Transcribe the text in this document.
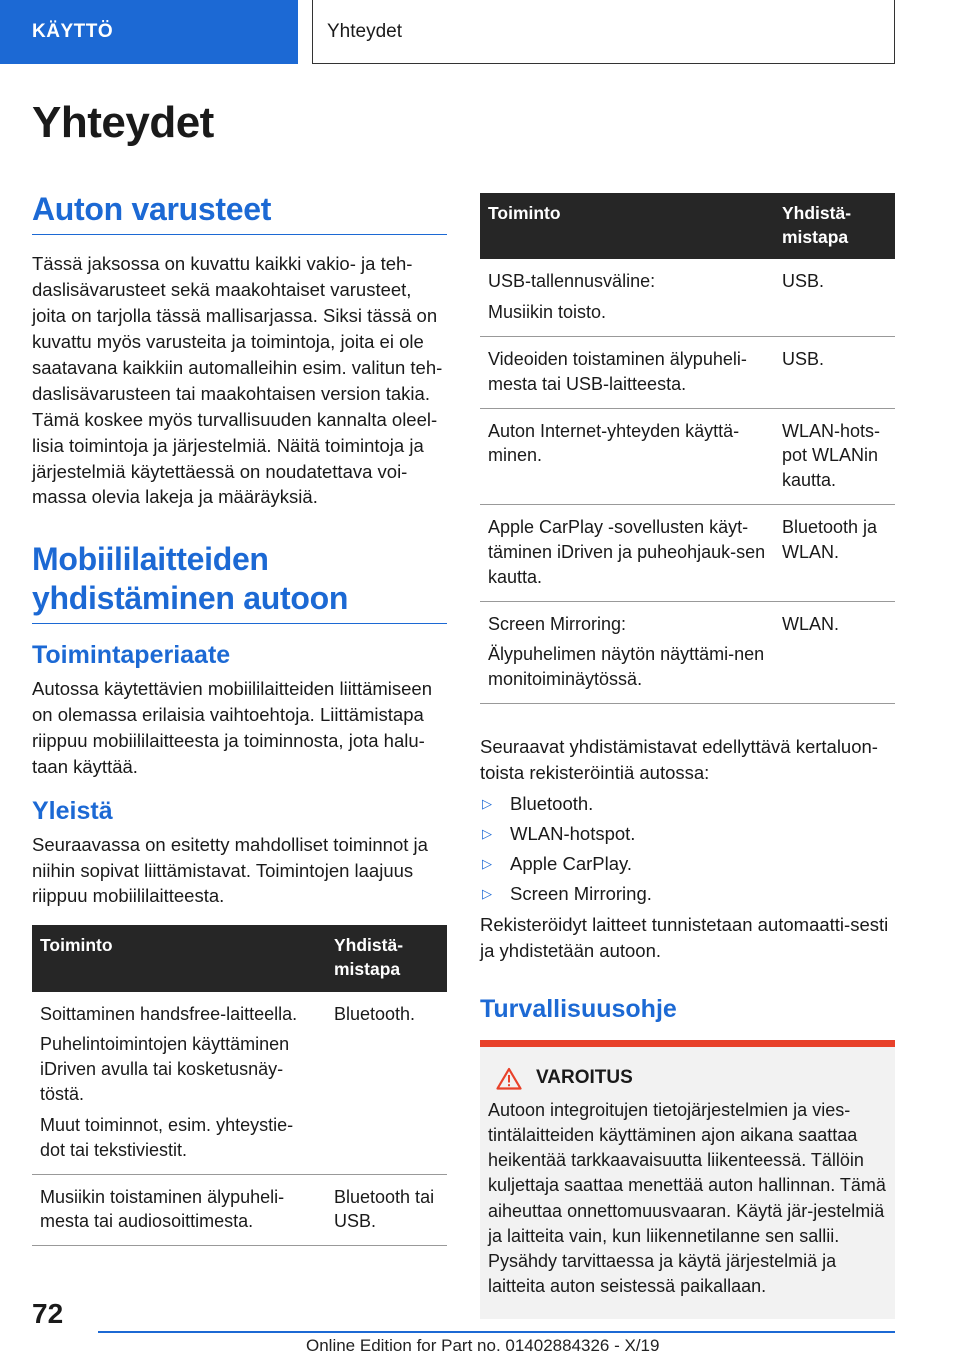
KÄYTTÖ	Yhteydet
Yhteydet
Auton varusteet

Tässä jaksossa on kuvattu kaikki vakio- ja teh-daslisävarusteet sekä maakohtaiset varusteet, joita on tarjolla tässä mallisarjassa. Siksi tässä on kuvattu myös varusteita ja toimintoja, joita ei ole saatavana kaikkiin automalleihin esim. valitun teh-daslisävarusteen tai maakohtaisen version takia. Tämä koskee myös turvallisuuden kannalta oleel-lisia toimintoja ja järjestelmiä. Näitä toimintoja ja järjestelmiä käytettäessä on noudatettava voi-massa olevia lakeja ja määräyksiä.

Mobiililaitteiden yhdistäminen autoon
Toimintaperiaate

Autossa käytettävien mobiililaitteiden liittämiseen on olemassa erilaisia vaihtoehtoja. Liittämistapa riippuu mobiililaitteesta ja toiminnosta, jota halu-taan käyttää.

Yleistä

Seuraavassa on esitetty mahdolliset toiminnot ja niihin sopivat liittämistavat. Toimintojen laajuus riippuu mobiililaitteesta.

Toiminto	Yhdistä-mistapa

Soittaminen handsfree-laitteella.
Puhelintoimintojen käyttäminen iDriven avulla tai kosketusnäy-töstä.
Muut toiminnot, esim. yhteystie-dot tai tekstiviestit.	Bluetooth.

Musiikin toistaminen älypuheli-mesta tai audiosoittimesta.	Bluetooth tai USB.
Toiminto	Yhdistä-mistapa

USB-tallennusväline:
Musiikin toisto.	USB.

Videoiden toistaminen älypuheli-mesta tai USB-laitteesta.	USB.

Auton Internet-yhteyden käyttä-minen.	WLAN-hots-pot WLANin kautta.

Apple CarPlay -sovellusten käyt-täminen iDriven ja puheohjauk-sen kautta.	Bluetooth ja WLAN.

Screen Mirroring:
Älypuhelimen näytön näyttämi-nen monitoiminäytössä.	WLAN.

Seuraavat yhdistämistavat edellyttävä kertaluon-toista rekisteröintiä autossa:

▷ Bluetooth.
▷ WLAN-hotspot.
▷ Apple CarPlay.
▷ Screen Mirroring.

Rekisteröidyt laitteet tunnistetaan automaatti-sesti ja yhdistetään autoon.

Turvallisuusohje
VAROITUS

Autoon integroitujen tietojärjestelmien ja vies-tintälaitteiden käyttäminen ajon aikana saattaa heikentää tarkkaavaisuutta liikenteessä. Tällöin kuljettaja saattaa menettää auton hallinnan. Tämä aiheuttaa onnettomuusvaaran. Käytä jär-jestelmiä ja laitteita vain, kun liikennetilanne sen sallii. Pysähdy tarvittaessa ja käytä järjestelmiä ja laitteita auton seistessä paikallaan.

72
Online Edition for Part no. 01402884326 - X/19
